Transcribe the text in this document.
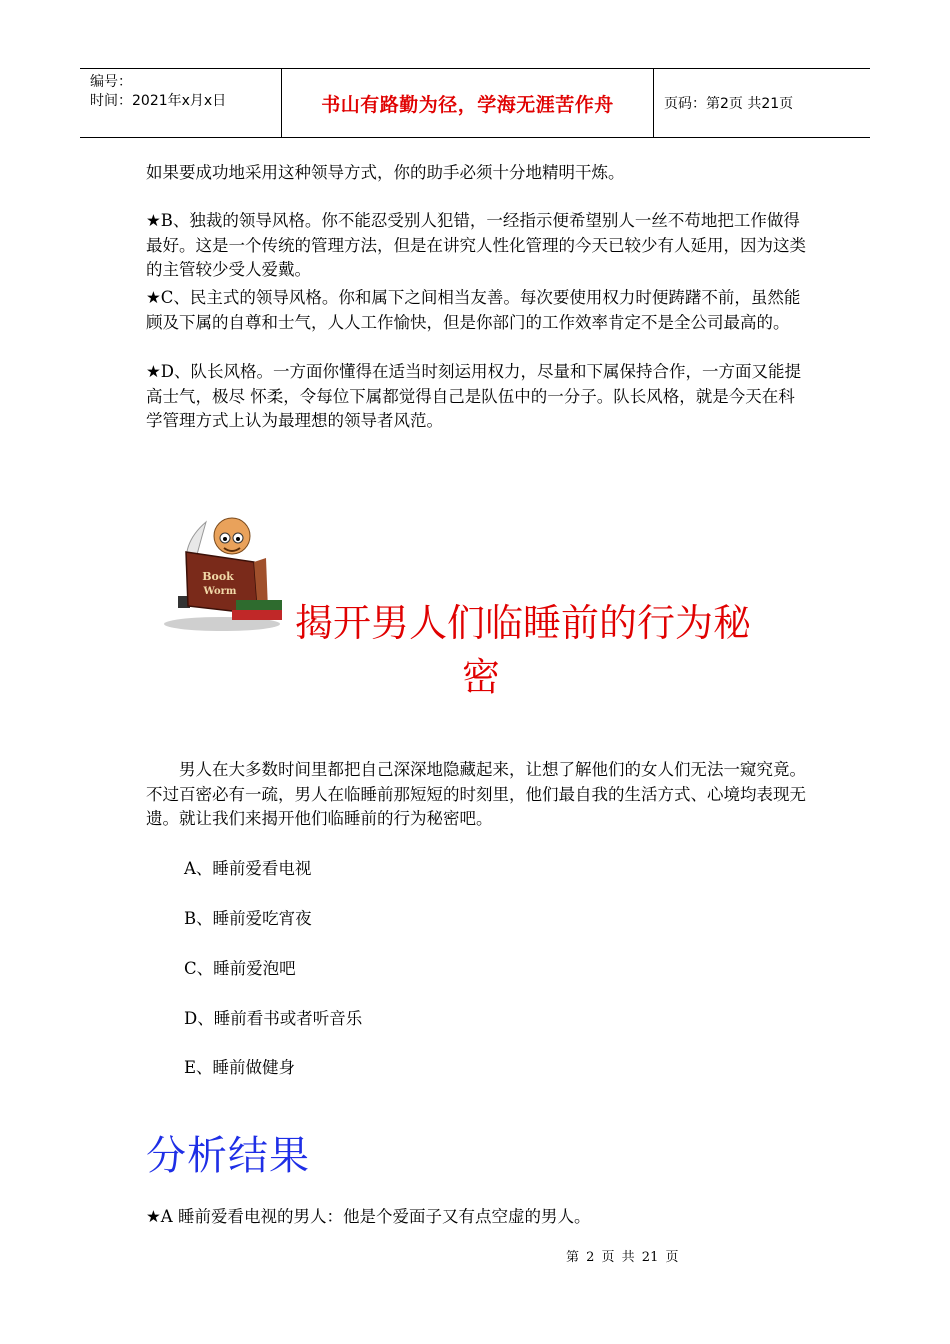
编号：
时间：2021年x月x日	书山有路勤为径，学海无涯苦作舟	页码：第2页 共21页

如果要成功地采用这种领导方式，你的助手必须十分地精明干炼。

★B、独裁的领导风格。你不能忍受别人犯错，一经指示便希望别人一丝不苟地把工作做得最好。这是一个传统的管理方法，但是在讲究人性化管理的今天已较少有人延用，因为这类的主管较少受人爱戴。

★C、民主式的领导风格。你和属下之间相当友善。每次要使用权力时便踌躇不前，虽然能顾及下属的自尊和士气，人人工作愉快，但是你部门的工作效率肯定不是全公司最高的。

★D、队长风格。一方面你懂得在适当时刻运用权力，尽量和下属保持合作，一方面又能提高士气，极尽 怀柔，令每位下属都觉得自己是队伍中的一分子。队长风格，就是今天在科学管理方式上认为最理想的领导者风范。

Book
Worm
揭开男人们临睡前的行为秘
密

男人在大多数时间里都把自己深深地隐藏起来，让想了解他们的女人们无法一窥究竟。不过百密必有一疏，男人在临睡前那短短的时刻里，他们最自我的生活方式、心境均表现无遗。就让我们来揭开他们临睡前的行为秘密吧。

A、睡前爱看电视
B、睡前爱吃宵夜
C、睡前爱泡吧
D、睡前看书或者听音乐
E、睡前做健身
分析结果

★A 睡前爱看电视的男人：他是个爱面子又有点空虚的男人。

第 2 页 共 21 页
